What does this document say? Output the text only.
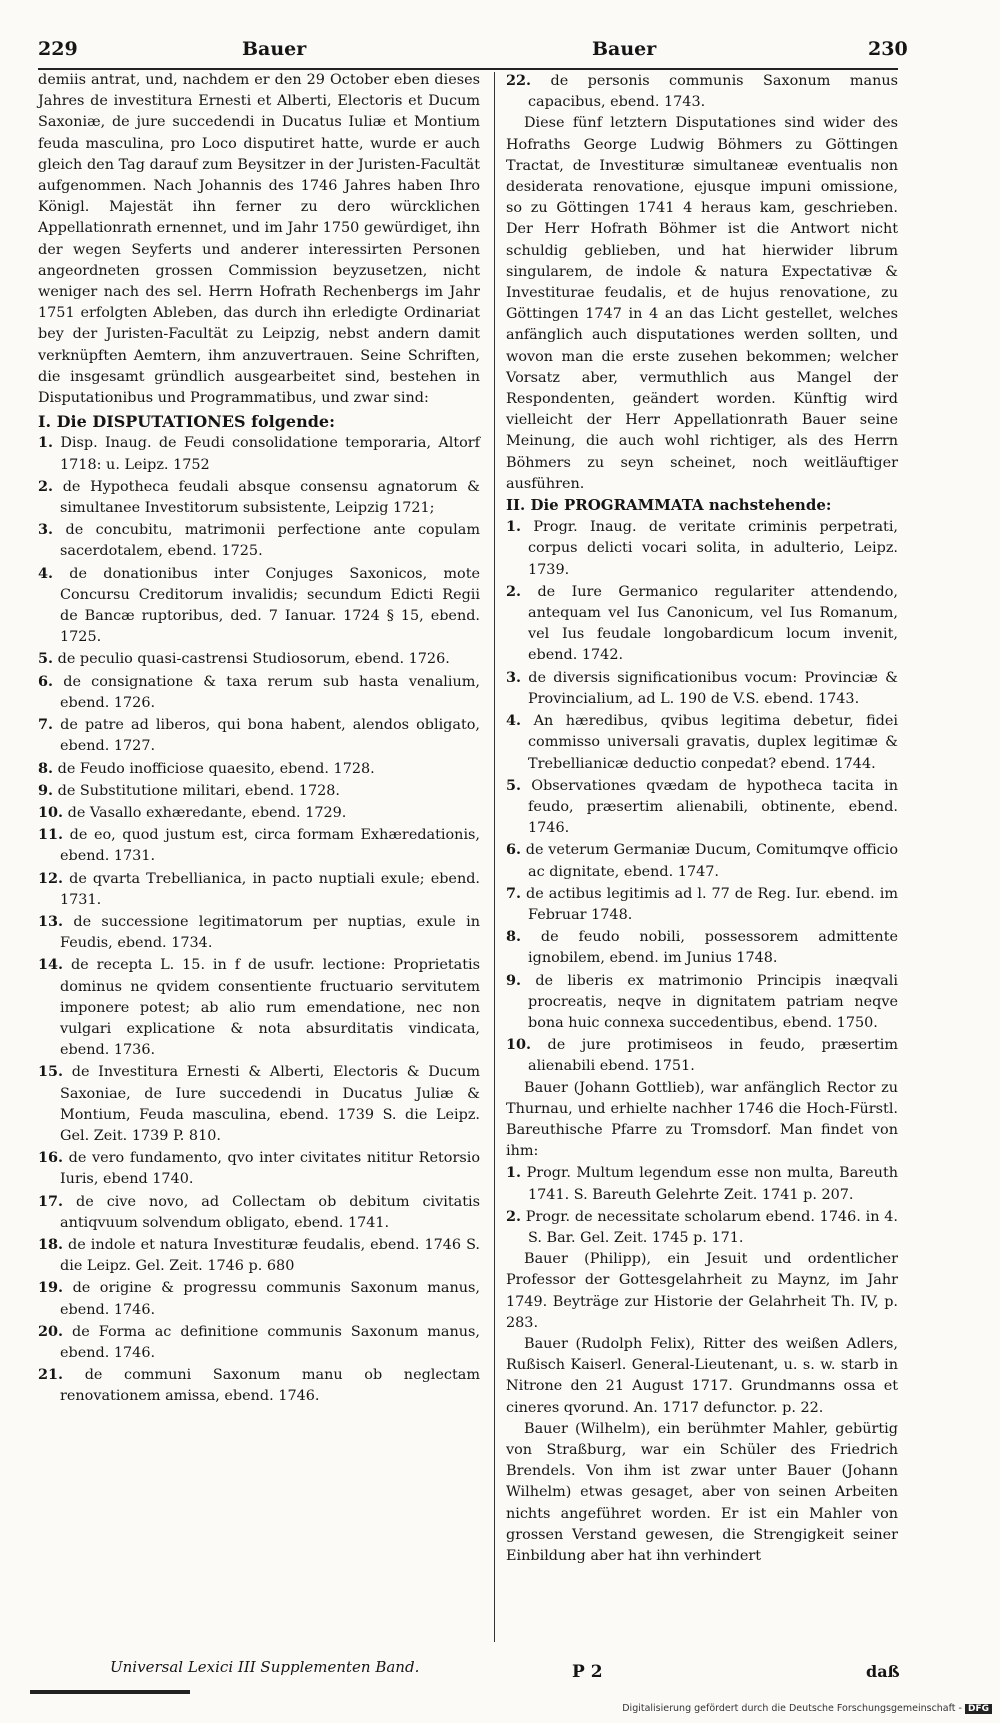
229	Bauer	Bauer	230

demiis antrat, und, nachdem er den 29 October eben dieses Jahres de investitura Ernesti et Alberti, Electoris et Ducum Saxoniæ, de jure succedendi in Ducatus Iuliæ et Montium feuda masculina, pro Loco disputiret hatte, wurde er auch gleich den Tag darauf zum Beysitzer in der Juristen-Facultät aufgenommen. Nach Johannis des 1746 Jahres haben Ihro Königl. Majestät ihn ferner zu dero würcklichen Appellationrath ernennet, und im Jahr 1750 gewürdiget, ihn der wegen Seyferts und anderer interessirten Personen angeordneten grossen Commission beyzusetzen, nicht weniger nach des sel. Herrn Hofrath Rechenbergs im Jahr 1751 erfolgten Ableben, das durch ihn erledigte Ordinariat bey der Juristen-Facultät zu Leipzig, nebst andern damit verknüpften Aemtern, ihm anzuvertrauen. Seine Schriften, die insgesamt gründlich ausgearbeitet sind, bestehen in Disputationibus und Programmatibus, und zwar sind:

I. Die DISPUTATIONES folgende:

1. Disp. Inaug. de Feudi consolidatione temporaria, Altorf 1718: u. Leipz. 1752

2. de Hypotheca feudali absque consensu agnatorum & simultanee Investitorum subsistente, Leipzig 1721;

3. de concubitu, matrimonii perfectione ante copulam sacerdotalem, ebend. 1725.

4. de donationibus inter Conjuges Saxonicos, mote Concursu Creditorum invalidis; secundum Edicti Regii de Bancæ ruptoribus, ded. 7 Ianuar. 1724 § 15, ebend. 1725.

5. de peculio quasi-castrensi Studiosorum, ebend. 1726.

6. de consignatione & taxa rerum sub hasta venalium, ebend. 1726.

7. de patre ad liberos, qui bona habent, alendos obligato, ebend. 1727.

8. de Feudo inofficiose quaesito, ebend. 1728.

9. de Substitutione militari, ebend. 1728.

10. de Vasallo exhæredante, ebend. 1729.

11. de eo, quod justum est, circa formam Exhæredationis, ebend. 1731.

12. de qvarta Trebellianica, in pacto nuptiali exule; ebend. 1731.

13. de successione legitimatorum per nuptias, exule in Feudis, ebend. 1734.

14. de recepta L. 15. in f de usufr. lectione: Proprietatis dominus ne qvidem consentiente fructuario servitutem imponere potest; ab alio rum emendatione, nec non vulgari explicatione & nota absurditatis vindicata, ebend. 1736.

15. de Investitura Ernesti & Alberti, Electoris & Ducum Saxoniae, de Iure succedendi in Ducatus Juliæ & Montium, Feuda masculina, ebend. 1739 S. die Leipz. Gel. Zeit. 1739 P. 810.

16. de vero fundamento, qvo inter civitates nititur Retorsio Iuris, ebend 1740.

17. de cive novo, ad Collectam ob debitum civitatis antiqvuum solvendum obligato, ebend. 1741.

18. de indole et natura Investituræ feudalis, ebend. 1746 S. die Leipz. Gel. Zeit. 1746 p. 680

19. de origine & progressu communis Saxonum manus, ebend. 1746.

20. de Forma ac definitione communis Saxonum manus, ebend. 1746.

21. de communi Saxonum manu ob neglectam renovationem amissa, ebend. 1746.

Universal Lexici III Supplementen Band.

22. de personis communis Saxonum manus capacibus, ebend. 1743.

Diese fünf letztern Disputationes sind wider des Hofraths George Ludwig Böhmers zu Göttingen Tractat, de Investituræ simultaneæ eventualis non desiderata renovatione, ejusque impuni omissione, so zu Göttingen 1741 4 heraus kam, geschrieben. Der Herr Hofrath Böhmer ist die Antwort nicht schuldig geblieben, und hat hierwider librum singularem, de indole & natura Expectativæ & Investiturae feudalis, et de hujus renovatione, zu Göttingen 1747 in 4 an das Licht gestellet, welches anfänglich auch disputationes werden sollten, und wovon man die erste zusehen bekommen; welcher Vorsatz aber, vermuthlich aus Mangel der Respondenten, geändert worden. Künftig wird vielleicht der Herr Appellationrath Bauer seine Meinung, die auch wohl richtiger, als des Herrn Böhmers zu seyn scheinet, noch weitläuftiger ausführen.

II. Die PROGRAMMATA nachstehende:

1. Progr. Inaug. de veritate criminis perpetrati, corpus delicti vocari solita, in adulterio, Leipz. 1739.

2. de Iure Germanico regulariter attendendo, antequam vel Ius Canonicum, vel Ius Romanum, vel Ius feudale longobardicum locum invenit, ebend. 1742.

3. de diversis significationibus vocum: Provinciæ & Provincialium, ad L. 190 de V.S. ebend. 1743.

4. An hæredibus, qvibus legitima debetur, fidei commisso universali gravatis, duplex legitimæ & Trebellianicæ deductio conpedat? ebend. 1744.

5. Observationes qvædam de hypotheca tacita in feudo, præsertim alienabili, obtinente, ebend. 1746.

6. de veterum Germaniæ Ducum, Comitumqve officio ac dignitate, ebend. 1747.

7. de actibus legitimis ad l. 77 de Reg. Iur. ebend. im Februar 1748.

8. de feudo nobili, possessorem admittente ignobilem, ebend. im Junius 1748.

9. de liberis ex matrimonio Principis inæqvali procreatis, neqve in dignitatem patriam neqve bona huic connexa succedentibus, ebend. 1750.

10. de jure protimiseos in feudo, præsertim alienabili ebend. 1751.

Bauer (Johann Gottlieb), war anfänglich Rector zu Thurnau, und erhielte nachher 1746 die Hoch-Fürstl. Bareuthische Pfarre zu Tromsdorf. Man findet von ihm:

1. Progr. Multum legendum esse non multa, Bareuth 1741. S. Bareuth Gelehrte Zeit. 1741 p. 207.

2. Progr. de necessitate scholarum ebend. 1746. in 4. S. Bar. Gel. Zeit. 1745 p. 171.

Bauer (Philipp), ein Jesuit und ordentlicher Professor der Gottesgelahrheit zu Maynz, im Jahr 1749. Beyträge zur Historie der Gelahrheit Th. IV, p. 283.

Bauer (Rudolph Felix), Ritter des weißen Adlers, Rußisch Kaiserl. General-Lieutenant, u. s. w. starb in Nitrone den 21 August 1717. Grundmanns ossa et cineres qvorund. An. 1717 defunctor. p. 22.

Bauer (Wilhelm), ein berühmter Mahler, gebürtig von Straßburg, war ein Schüler des Friedrich Brendels. Von ihm ist zwar unter Bauer (Johann Wilhelm) etwas gesaget, aber von seinen Arbeiten nichts angeführet worden. Er ist ein Mahler von grossen Verstand gewesen, die Strengigkeit seiner Einbildung aber hat ihn verhindert

P 2	daß
Digitalisierung gefördert durch die Deutsche Forschungsgemeinschaft - DFG
